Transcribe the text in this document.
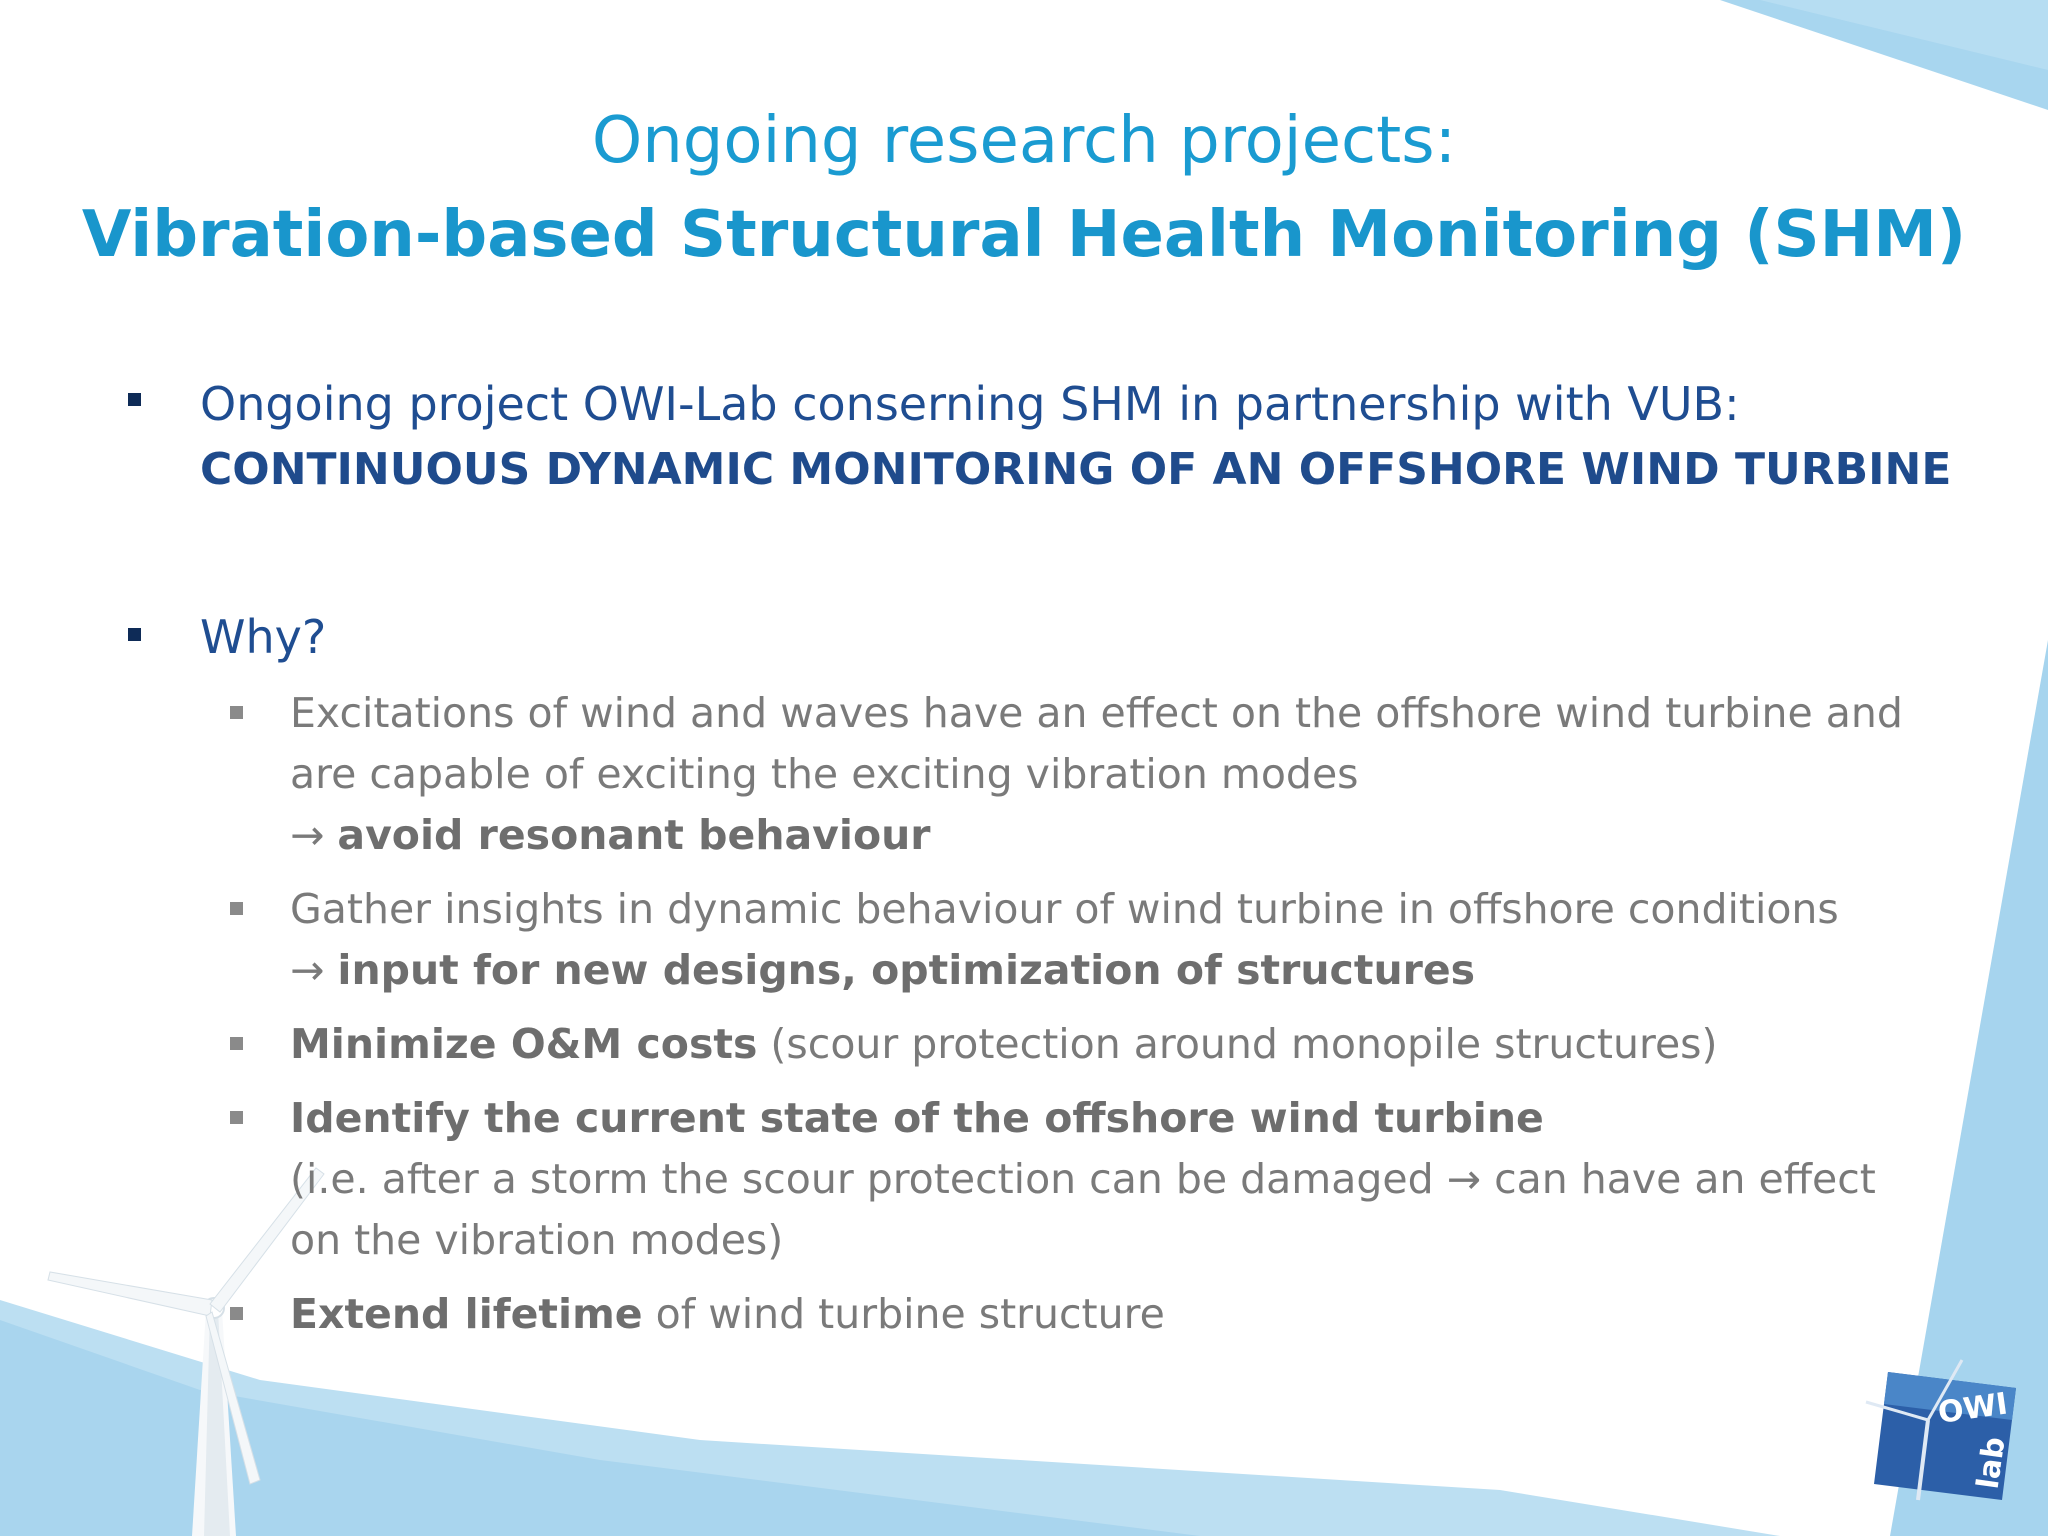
OWI
lab
Ongoing research projects:
Vibration-based Structural Health Monitoring (SHM)
Ongoing project OWI-Lab conserning SHM in partnership with VUB:
CONTINUOUS DYNAMIC MONITORING OF AN OFFSHORE WIND TURBINE
Why?
Excitations of wind and waves have an effect on the offshore wind turbine and
are capable of exciting the exciting vibration modes
→ avoid resonant behaviour
Gather insights in dynamic behaviour of wind turbine in offshore conditions
→ input for new designs, optimization of structures
Minimize O&M costs (scour protection around monopile structures)
Identify the current state of the offshore wind turbine
(i.e. after a storm the scour protection can be damaged → can have an effect
on the vibration modes)
Extend lifetime of wind turbine structure
